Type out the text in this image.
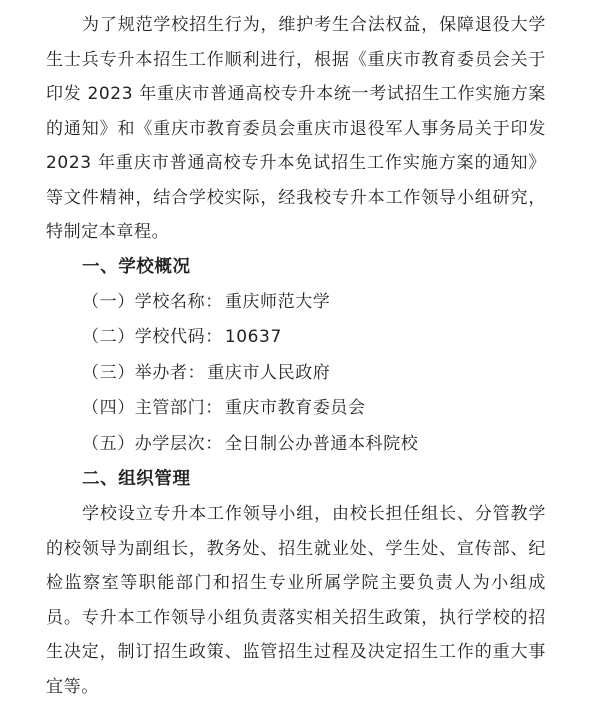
为了规范学校招生行为，维护考生合法权益，保障退役大学生士兵专升本招生工作顺利进行，根据《重庆市教育委员会关于印发 2023 年重庆市普通高校专升本统一考试招生工作实施方案的通知》和《重庆市教育委员会重庆市退役军人事务局关于印发 2023 年重庆市普通高校专升本免试招生工作实施方案的通知》等文件精神，结合学校实际，经我校专升本工作领导小组研究，特制定本章程。

一、学校概况

（一）学校名称： 重庆师范大学

（二）学校代码： 10637

（三）举办者： 重庆市人民政府

（四）主管部门： 重庆市教育委员会

（五）办学层次： 全日制公办普通本科院校

二、组织管理

学校设立专升本工作领导小组，由校长担任组长、分管教学的校领导为副组长，教务处、招生就业处、学生处、宣传部、纪检监察室等职能部门和招生专业所属学院主要负责人为小组成员。专升本工作领导小组负责落实相关招生政策，执行学校的招生决定，制订招生政策、监管招生过程及决定招生工作的重大事宜等。
